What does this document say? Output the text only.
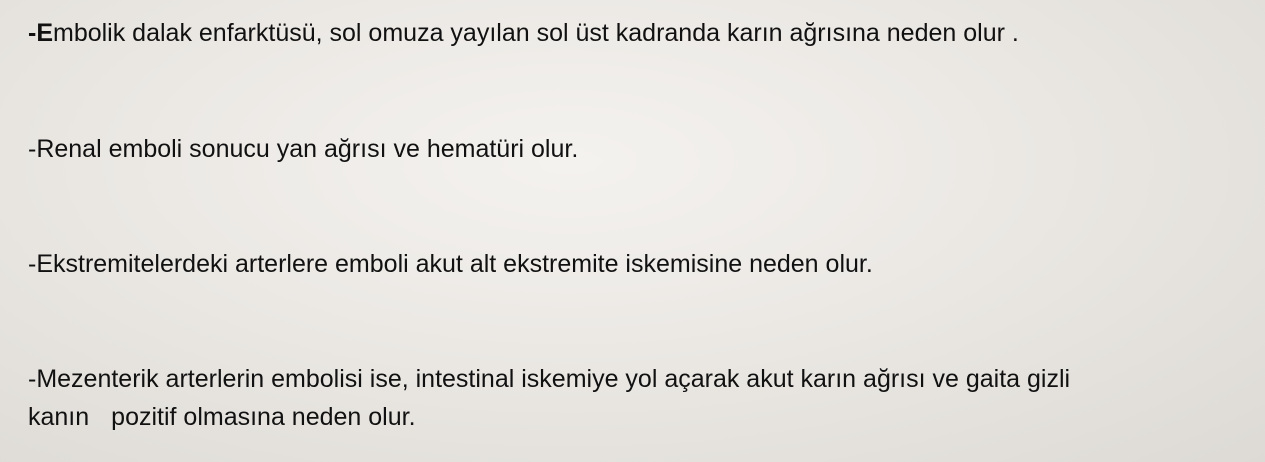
-Embolik dalak enfarktüsü, sol omuza yayılan sol üst kadranda karın ağrısına neden olur .

-Renal emboli sonucu yan ağrısı ve hematüri olur.

-Ekstremitelerdeki arterlere emboli akut alt ekstremite iskemisine neden olur.

-Mezenterik arterlerin embolisi ise, intestinal iskemiye yol açarak akut karın ağrısı ve gaita gizli
kanın pozitif olmasına neden olur.
